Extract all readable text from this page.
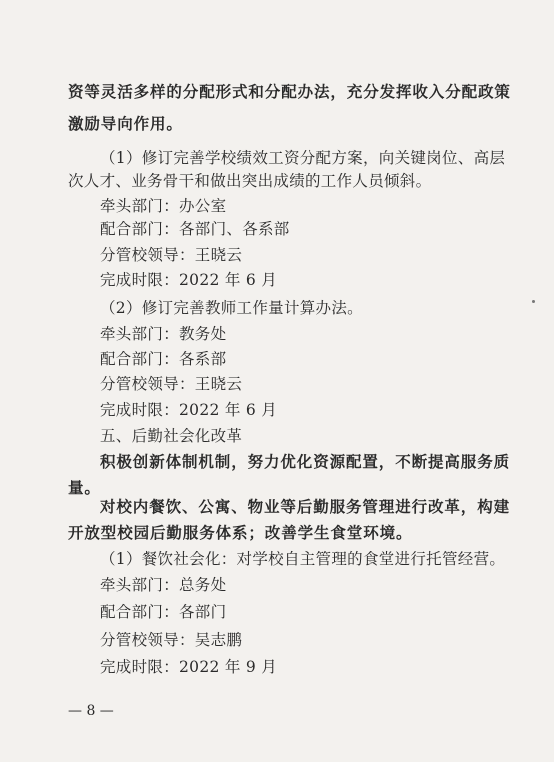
资等灵活多样的分配形式和分配办法，充分发挥收入分配政策
激励导向作用。
（1）修订完善学校绩效工资分配方案，向关键岗位、高层
次人才、业务骨干和做出突出成绩的工作人员倾斜。
牵头部门：办公室
配合部门：各部门、各系部
分管校领导：王晓云
完成时限：2022 年 6 月
（2）修订完善教师工作量计算办法。
牵头部门：教务处
配合部门：各系部
分管校领导：王晓云
完成时限：2022 年 6 月
五、后勤社会化改革
积极创新体制机制，努力优化资源配置，不断提高服务质
量。
对校内餐饮、公寓、物业等后勤服务管理进行改革，构建
开放型校园后勤服务体系；改善学生食堂环境。
（1）餐饮社会化：对学校自主管理的食堂进行托管经营。
牵头部门：总务处
配合部门：各部门
分管校领导：吴志鹏
完成时限：2022 年 9 月
— 8 —
